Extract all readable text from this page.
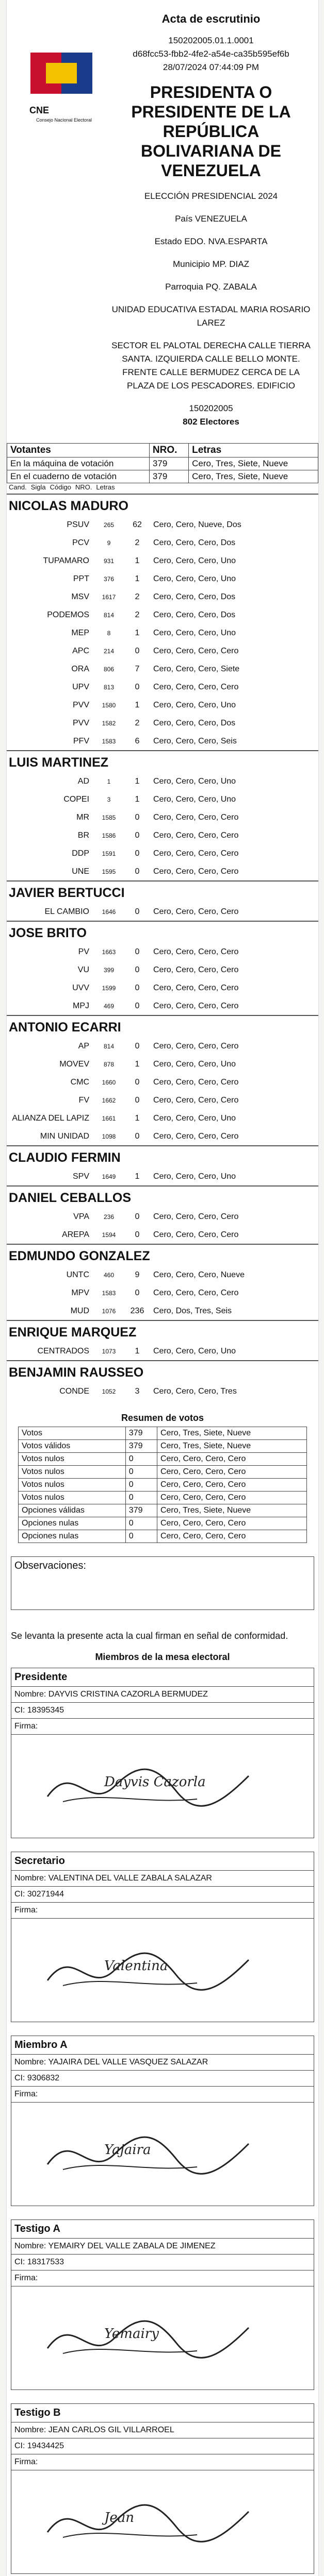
CNE
Consejo Nacional Electoral
Acta de escrutinio
150202005.01.1.0001
d68fcc53-fbb2-4fe2-a54e-ca35b595ef6b
28/07/2024 07:44:09 PM
PRESIDENTA O PRESIDENTE DE LA REPÚBLICA BOLIVARIANA DE VENEZUELA
ELECCIÓN PRESIDENCIAL 2024
País VENEZUELA
Estado EDO. NVA.ESPARTA
Municipio MP. DIAZ
Parroquia PQ. ZABALA
UNIDAD EDUCATIVA ESTADAL MARIA ROSARIO LAREZ
SECTOR EL PALOTAL DERECHA CALLE TIERRA SANTA. IZQUIERDA CALLE BELLO MONTE. FRENTE CALLE BERMUDEZ CERCA DE LA PLAZA DE LOS PESCADORES. EDIFICIO
150202005
802 Electores
Votantes	NRO.	Letras
En la máquina de votación	379	Cero, Tres, Siete, Nueve
En el cuaderno de votación	379	Cero, Tres, Siete, Nueve
Cand. Sigla Código NRO. Letras
NICOLAS MADURO
PSUV	265	62	Cero, Cero, Nueve, Dos
PCV	9	2	Cero, Cero, Cero, Dos
TUPAMARO	931	1	Cero, Cero, Cero, Uno
PPT	376	1	Cero, Cero, Cero, Uno
MSV	1617	2	Cero, Cero, Cero, Dos
PODEMOS	814	2	Cero, Cero, Cero, Dos
MEP	8	1	Cero, Cero, Cero, Uno
APC	214	0	Cero, Cero, Cero, Cero
ORA	806	7	Cero, Cero, Cero, Siete
UPV	813	0	Cero, Cero, Cero, Cero
PVV	1580	1	Cero, Cero, Cero, Uno
PVV	1582	2	Cero, Cero, Cero, Dos
PFV	1583	6	Cero, Cero, Cero, Seis
LUIS MARTINEZ
AD	1	1	Cero, Cero, Cero, Uno
COPEI	3	1	Cero, Cero, Cero, Uno
MR	1585	0	Cero, Cero, Cero, Cero
BR	1586	0	Cero, Cero, Cero, Cero
DDP	1591	0	Cero, Cero, Cero, Cero
UNE	1595	0	Cero, Cero, Cero, Cero
JAVIER BERTUCCI
EL CAMBIO	1646	0	Cero, Cero, Cero, Cero
JOSE BRITO
PV	1663	0	Cero, Cero, Cero, Cero
VU	399	0	Cero, Cero, Cero, Cero
UVV	1599	0	Cero, Cero, Cero, Cero
MPJ	469	0	Cero, Cero, Cero, Cero
ANTONIO ECARRI
AP	814	0	Cero, Cero, Cero, Cero
MOVEV	878	1	Cero, Cero, Cero, Uno
CMC	1660	0	Cero, Cero, Cero, Cero
FV	1662	0	Cero, Cero, Cero, Cero
ALIANZA DEL LAPIZ	1661	1	Cero, Cero, Cero, Uno
MIN UNIDAD	1098	0	Cero, Cero, Cero, Cero
CLAUDIO FERMIN
SPV	1649	1	Cero, Cero, Cero, Uno
DANIEL CEBALLOS
VPA	236	0	Cero, Cero, Cero, Cero
AREPA	1594	0	Cero, Cero, Cero, Cero
EDMUNDO GONZALEZ
UNTC	460	9	Cero, Cero, Cero, Nueve
MPV	1583	0	Cero, Cero, Cero, Cero
MUD	1076	236	Cero, Dos, Tres, Seis
ENRIQUE MARQUEZ
CENTRADOS	1073	1	Cero, Cero, Cero, Uno
BENJAMIN RAUSSEO
CONDE	1052	3	Cero, Cero, Cero, Tres
Resumen de votos
Votos	379	Cero, Tres, Siete, Nueve
Votos válidos	379	Cero, Tres, Siete, Nueve
Votos nulos	0	Cero, Cero, Cero, Cero
Votos nulos	0	Cero, Cero, Cero, Cero
Votos nulos	0	Cero, Cero, Cero, Cero
Votos nulos	0	Cero, Cero, Cero, Cero
Opciones válidas	379	Cero, Tres, Siete, Nueve
Opciones nulas	0	Cero, Cero, Cero, Cero
Opciones nulas	0	Cero, Cero, Cero, Cero
Observaciones:
Se levanta la presente acta la cual firman en señal de conformidad.
Miembros de la mesa electoral
Presidente
Nombre: DAYVIS CRISTINA CAZORLA BERMUDEZ
CI: 18395345
Firma:
Dayvis Cazorla
Secretario
Nombre: VALENTINA DEL VALLE ZABALA SALAZAR
CI: 30271944
Firma:
Valentina
Miembro A
Nombre: YAJAIRA DEL VALLE VASQUEZ SALAZAR
CI: 9306832
Firma:
Yajaira
Testigo A
Nombre: YEMAIRY DEL VALLE ZABALA DE JIMENEZ
CI: 18317533
Firma:
Yemairy
Testigo B
Nombre: JEAN CARLOS GIL VILLARROEL
CI: 19434425
Firma:
Jean
